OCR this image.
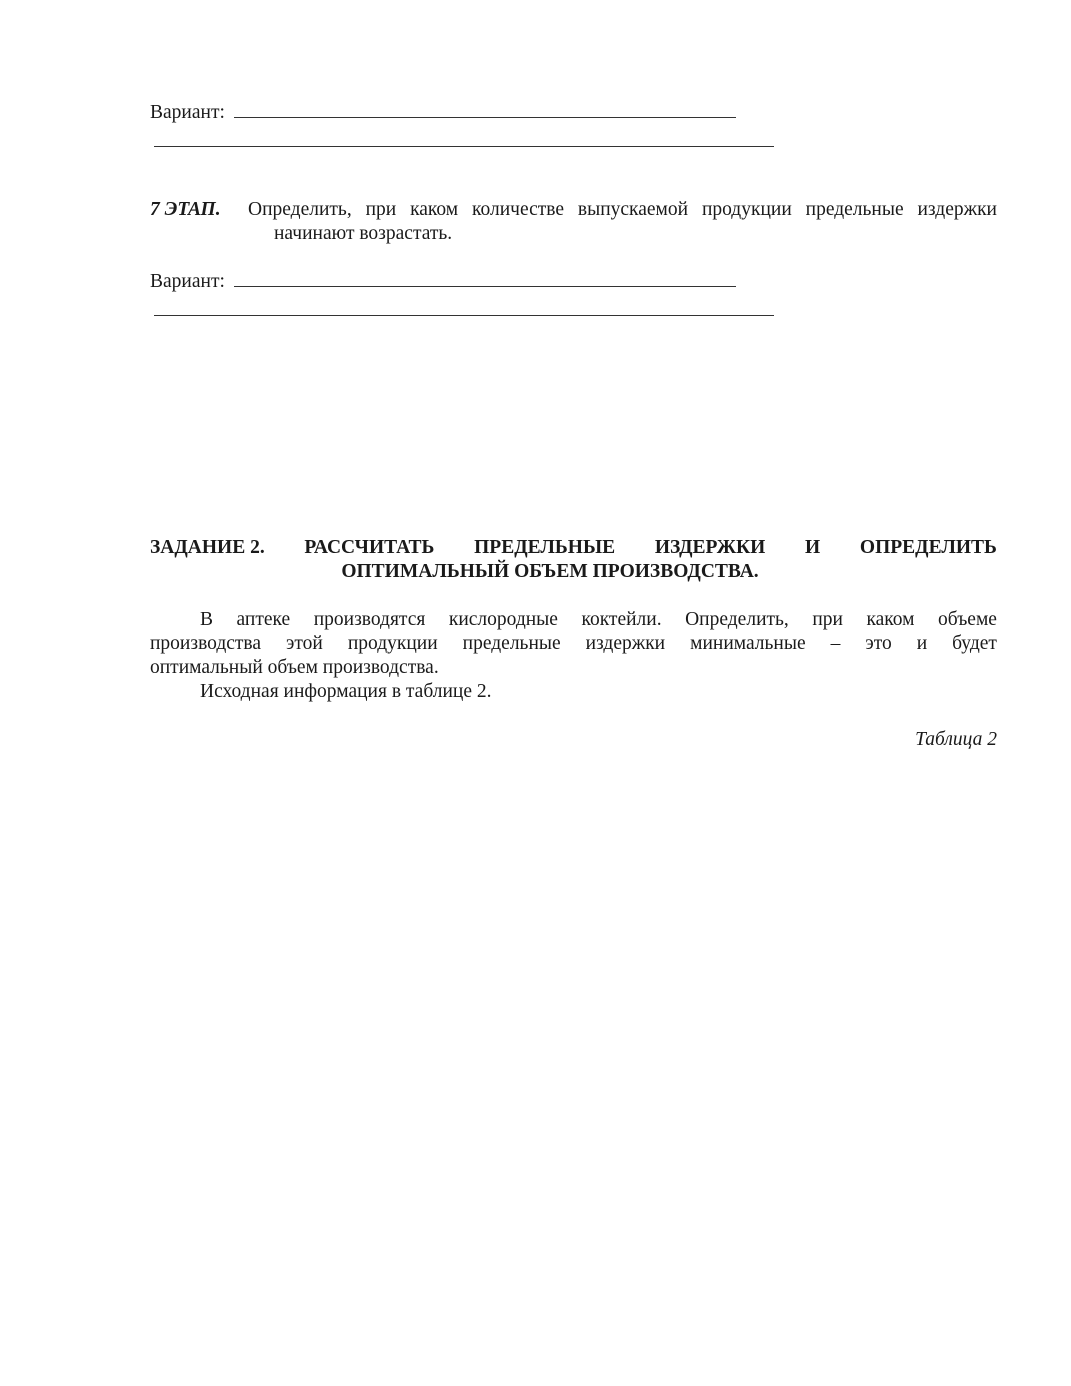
Вариант:
7 ЭТАП. Определить, при каком количестве выпускаемой продукции предельные издержки
начинают возрастать.
Вариант:
ЗАДАНИЕ 2. РАССЧИТАТЬ ПРЕДЕЛЬНЫЕ ИЗДЕРЖКИ И ОПРЕДЕЛИТЬ
ОПТИМАЛЬНЫЙ ОБЪЕМ ПРОИЗВОДСТВА.
В аптеке производятся кислородные коктейли. Определить, при каком объеме
производства этой продукции предельные издержки минимальные – это и будет
оптимальный объем производства.
Исходная информация в таблице 2.
Таблица 2
